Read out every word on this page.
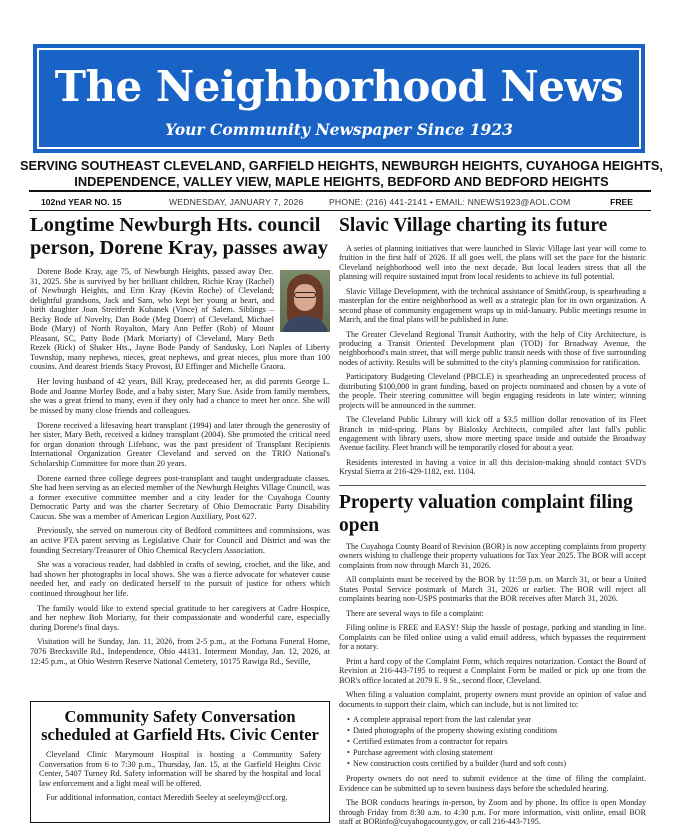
The Neighborhood News
Your Community Newspaper Since 1923
SERVING SOUTHEAST CLEVELAND, GARFIELD HEIGHTS, NEWBURGH HEIGHTS, CUYAHOGA HEIGHTS, INDEPENDENCE, VALLEY VIEW, MAPLE HEIGHTS, BEDFORD AND BEDFORD HEIGHTS
102nd YEAR NO. 15	WEDNESDAY, JANUARY 7, 2026	PHONE: (216) 441-2141 • EMAIL: NNEWS1923@AOL.COM	FREE
Longtime Newburgh Hts. council person, Dorene Kray, passes away

Dorene Bode Kray, age 75, of Newburgh Heights, passed away Dec. 31, 2025. She is survived by her brilliant children, Richie Kray (Rachel) of Newburgh Heights, and Erin Kray (Kevin Roche) of Cleveland; delightful grandsons, Jack and Sam, who kept her young at heart, and birth daughter Joan Streitferdt Kuhanek (Vince) of Salem. Siblings – Becky Bode of Novelty, Dan Bode (Meg Doerr) of Cleveland, Michael Bode (Mary) of North Royalton, Mary Ann Peffer (Rob) of Mount Pleasant, SC, Patty Bode (Mark Moriarty) of Cleveland, Mary Beth Rezek (Rick) of Shaker Hts., Jayne Bode Pandy of Sandusky, Lori Naples of Liberty Township, many nephews, nieces, great nephews, and great nieces, plus more than 100 cousins. And dearest friends Stacy Provost, BJ Effinger and Michelle Graora.

Her loving husband of 42 years, Bill Kray, predeceased her, as did parents George L. Bode and Joanne Morley Bode, and a baby sister, Mary Sue. Aside from family members, she was a great friend to many, even if they only had a chance to meet her once. She will be missed by many close friends and colleagues.

Dorene received a lifesaving heart transplant (1994) and later through the generosity of her sister, Mary Beth, received a kidney transplant (2004). She promoted the critical need for organ donation through Lifebanc, was the past president of Transplant Recipients International Organization Greater Cleveland and served on the TRIO National's Scholarship Committee for more than 20 years.

Dorene earned three college degrees post-transplant and taught undergraduate classes. She had been serving as an elected member of the Newburgh Heights Village Council, was a former executive committee member and a city leader for the Cuyahoga County Democratic Party and was the charter Secretary of Ohio Democratic Party Disability Caucus. She was a member of American Legion Auxiliary, Post 627.

Previously, she served on numerous city of Bedford committees and commissions, was an active PTA parent serving as Legislative Chair for Council and District and was the founding Secretary/Treasurer of Ohio Chemical Recyclers Association.

She was a voracious reader, had dabbled in crafts of sewing, crochet, and the like, and had shown her photographs in local shows. She was a fierce advocate for whatever cause needed her, and early on dedicated herself to the pursuit of justice for others which continued throughout her life.

The family would like to extend special gratitude to her caregivers at Cadre Hospice, and her nephew Bob Moriarty, for their compassionate and wonderful care, especially during Dorene's final days.

Visitation will be Sunday, Jan. 11, 2026, from 2-5 p.m., at the Fortuna Funeral Home, 7076 Brecksville Rd., Independence, Ohio 44131. Interment Monday, Jan. 12, 2026, at 12:45 p.m., at Ohio Western Reserve National Cemetery, 10175 Rawiga Rd., Seville,

Community Safety Conversation scheduled at Garfield Hts. Civic Center

Cleveland Clinic Marymount Hospital is hosting a Community Safety Conversation from 6 to 7:30 p.m., Thursday, Jan. 15, at the Garfield Heights Civic Center, 5407 Turney Rd. Safety information will be shared by the hospital and local law enforcement and a light meal will be offered.

For additional information, contact Meredith Seeley at seeleym@ccf.org.

Slavic Village charting its future

A series of planning initiatives that were launched in Slavic Village last year will come to fruition in the first half of 2026. If all goes well, the plans will set the pace for the historic Cleveland neighborhood well into the next decade. But local leaders stress that all the planning will require sustained input from local residents to achieve its full potential.

Slavic Village Development, with the technical assistance of SmithGroup, is spearheading a masterplan for the entire neighborhood as well as a strategic plan for its own organization. A second phase of community engagement wraps up in mid-January. Public meetings resume in March, and the final plans will be published in June.

The Greater Cleveland Regional Transit Authority, with the help of City Architecture, is producing a Transit Oriented Development plan (TOD) for Broadway Avenue, the neighborhood's main street, that will merge public transit needs with those of five surrounding nodes of activity. Results will be submitted to the city's planning commission for ratification.

Participatory Budgeting Cleveland (PBCLE) is spearheading an unprecedented process of distributing $100,000 in grant funding, based on projects nominated and chosen by a vote of the people. Their steering committee will begin engaging residents in late winter; winning projects will be announced in the summer.

The Cleveland Public Library will kick off a $3.5 million dollar renovation of its Fleet Branch in mid-spring. Plans by Bialosky Architects, compiled after last fall's public engagement with library users, show more meeting space inside and outside the Broadway Avenue facility. Fleet branch will be temporarily closed for about a year.

Residents interested in having a voice in all this decision-making should contact SVD's Krystal Sierra at 216-429-1182, ext. 1104.

Property valuation complaint filing open

The Cuyahoga County Board of Revision (BOR) is now accepting complaints from property owners wishing to challenge their property valuations for Tax Year 2025. The BOR will accept complaints from now through March 31, 2026.

All complaints must be received by the BOR by 11:59 p.m. on March 31, or bear a United States Postal Service postmark of March 31, 2026 or earlier. The BOR will reject all complaints bearing non-USPS postmarks that the BOR receives after March 31, 2026.

There are several ways to file a complaint:

Filing online is FREE and EASY! Skip the hassle of postage, parking and standing in line. Complaints can be filed online using a valid email address, which bypasses the requirement for a notary.

Print a hard copy of the Complaint Form, which requires notarization. Contact the Board of Revision at 216-443-7195 to request a Complaint Form be mailed or pick up one from the BOR's office located at 2079 E. 9 St., second floor, Cleveland.

When filing a valuation complaint, property owners must provide an opinion of value and documents to support their claim, which can include, but is not limited to:

• A complete appraisal report from the last calendar year
• Dated photographs of the property showing existing conditions
• Certified estimates from a contractor for repairs
• Purchase agreement with closing statement
• New construction costs certified by a builder (hard and soft costs)

Property owners do not need to submit evidence at the time of filing the complaint. Evidence can be submitted up to seven business days before the scheduled hearing.

The BOR conducts hearings in-person, by Zoom and by phone. Its office is open Monday through Friday from 8:30 a.m. to 4:30 p.m. For more information, visit online, email BOR staff at BORinfo@cuyahogacounty.gov, or call 216-443-7195.
